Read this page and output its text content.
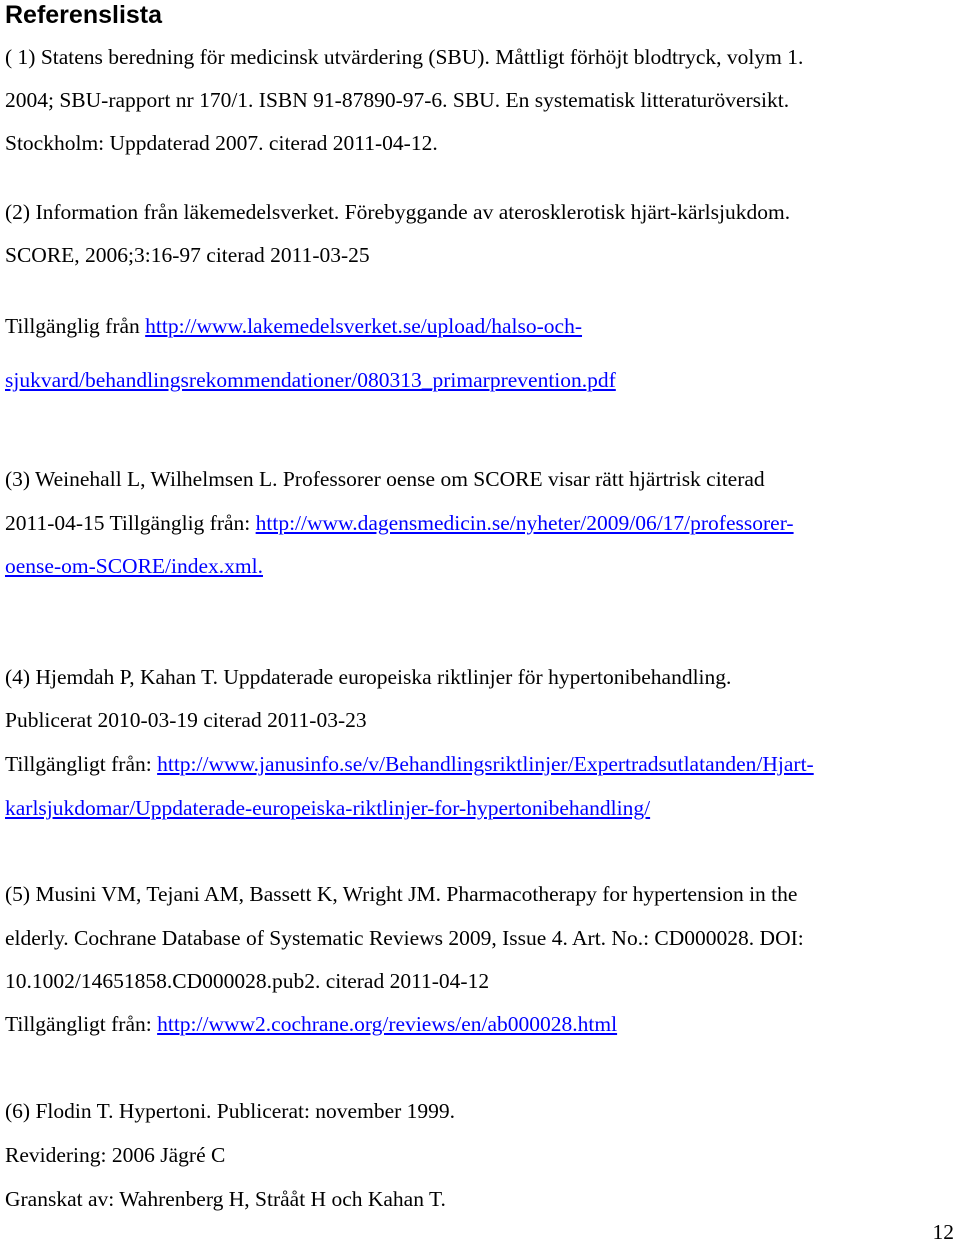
Referenslista
( 1) Statens beredning för medicinsk utvärdering (SBU). Måttligt förhöjt blodtryck, volym 1.
2004; SBU-rapport nr 170/1. ISBN 91-87890-97-6. SBU. En systematisk litteraturöversikt.
Stockholm: Uppdaterad 2007. citerad 2011-04-12.
(2) Information från läkemedelsverket. Förebyggande av aterosklerotisk hjärt-kärlsjukdom.
SCORE, 2006;3:16-97 citerad 2011-03-25
Tillgänglig från http://www.lakemedelsverket.se/upload/halso-och-
sjukvard/behandlingsrekommendationer/080313_primarprevention.pdf
(3) Weinehall L, Wilhelmsen L. Professorer oense om SCORE visar rätt hjärtrisk citerad
2011-04-15 Tillgänglig från: http://www.dagensmedicin.se/nyheter/2009/06/17/professorer-
oense-om-SCORE/index.xml.
(4) Hjemdah P, Kahan T. Uppdaterade europeiska riktlinjer för hypertonibehandling.
Publicerat 2010-03-19 citerad 2011-03-23
Tillgängligt från: http://www.janusinfo.se/v/Behandlingsriktlinjer/Expertradsutlatanden/Hjart-
karlsjukdomar/Uppdaterade-europeiska-riktlinjer-for-hypertonibehandling/
(5) Musini VM, Tejani AM, Bassett K, Wright JM. Pharmacotherapy for hypertension in the
elderly. Cochrane Database of Systematic Reviews 2009, Issue 4. Art. No.: CD000028. DOI:
10.1002/14651858.CD000028.pub2. citerad 2011-04-12
Tillgängligt från: http://www2.cochrane.org/reviews/en/ab000028.html
(6) Flodin T. Hypertoni. Publicerat: november 1999.
Revidering: 2006 Jägré C
Granskat av: Wahrenberg H, Strååt H och Kahan T.
12
